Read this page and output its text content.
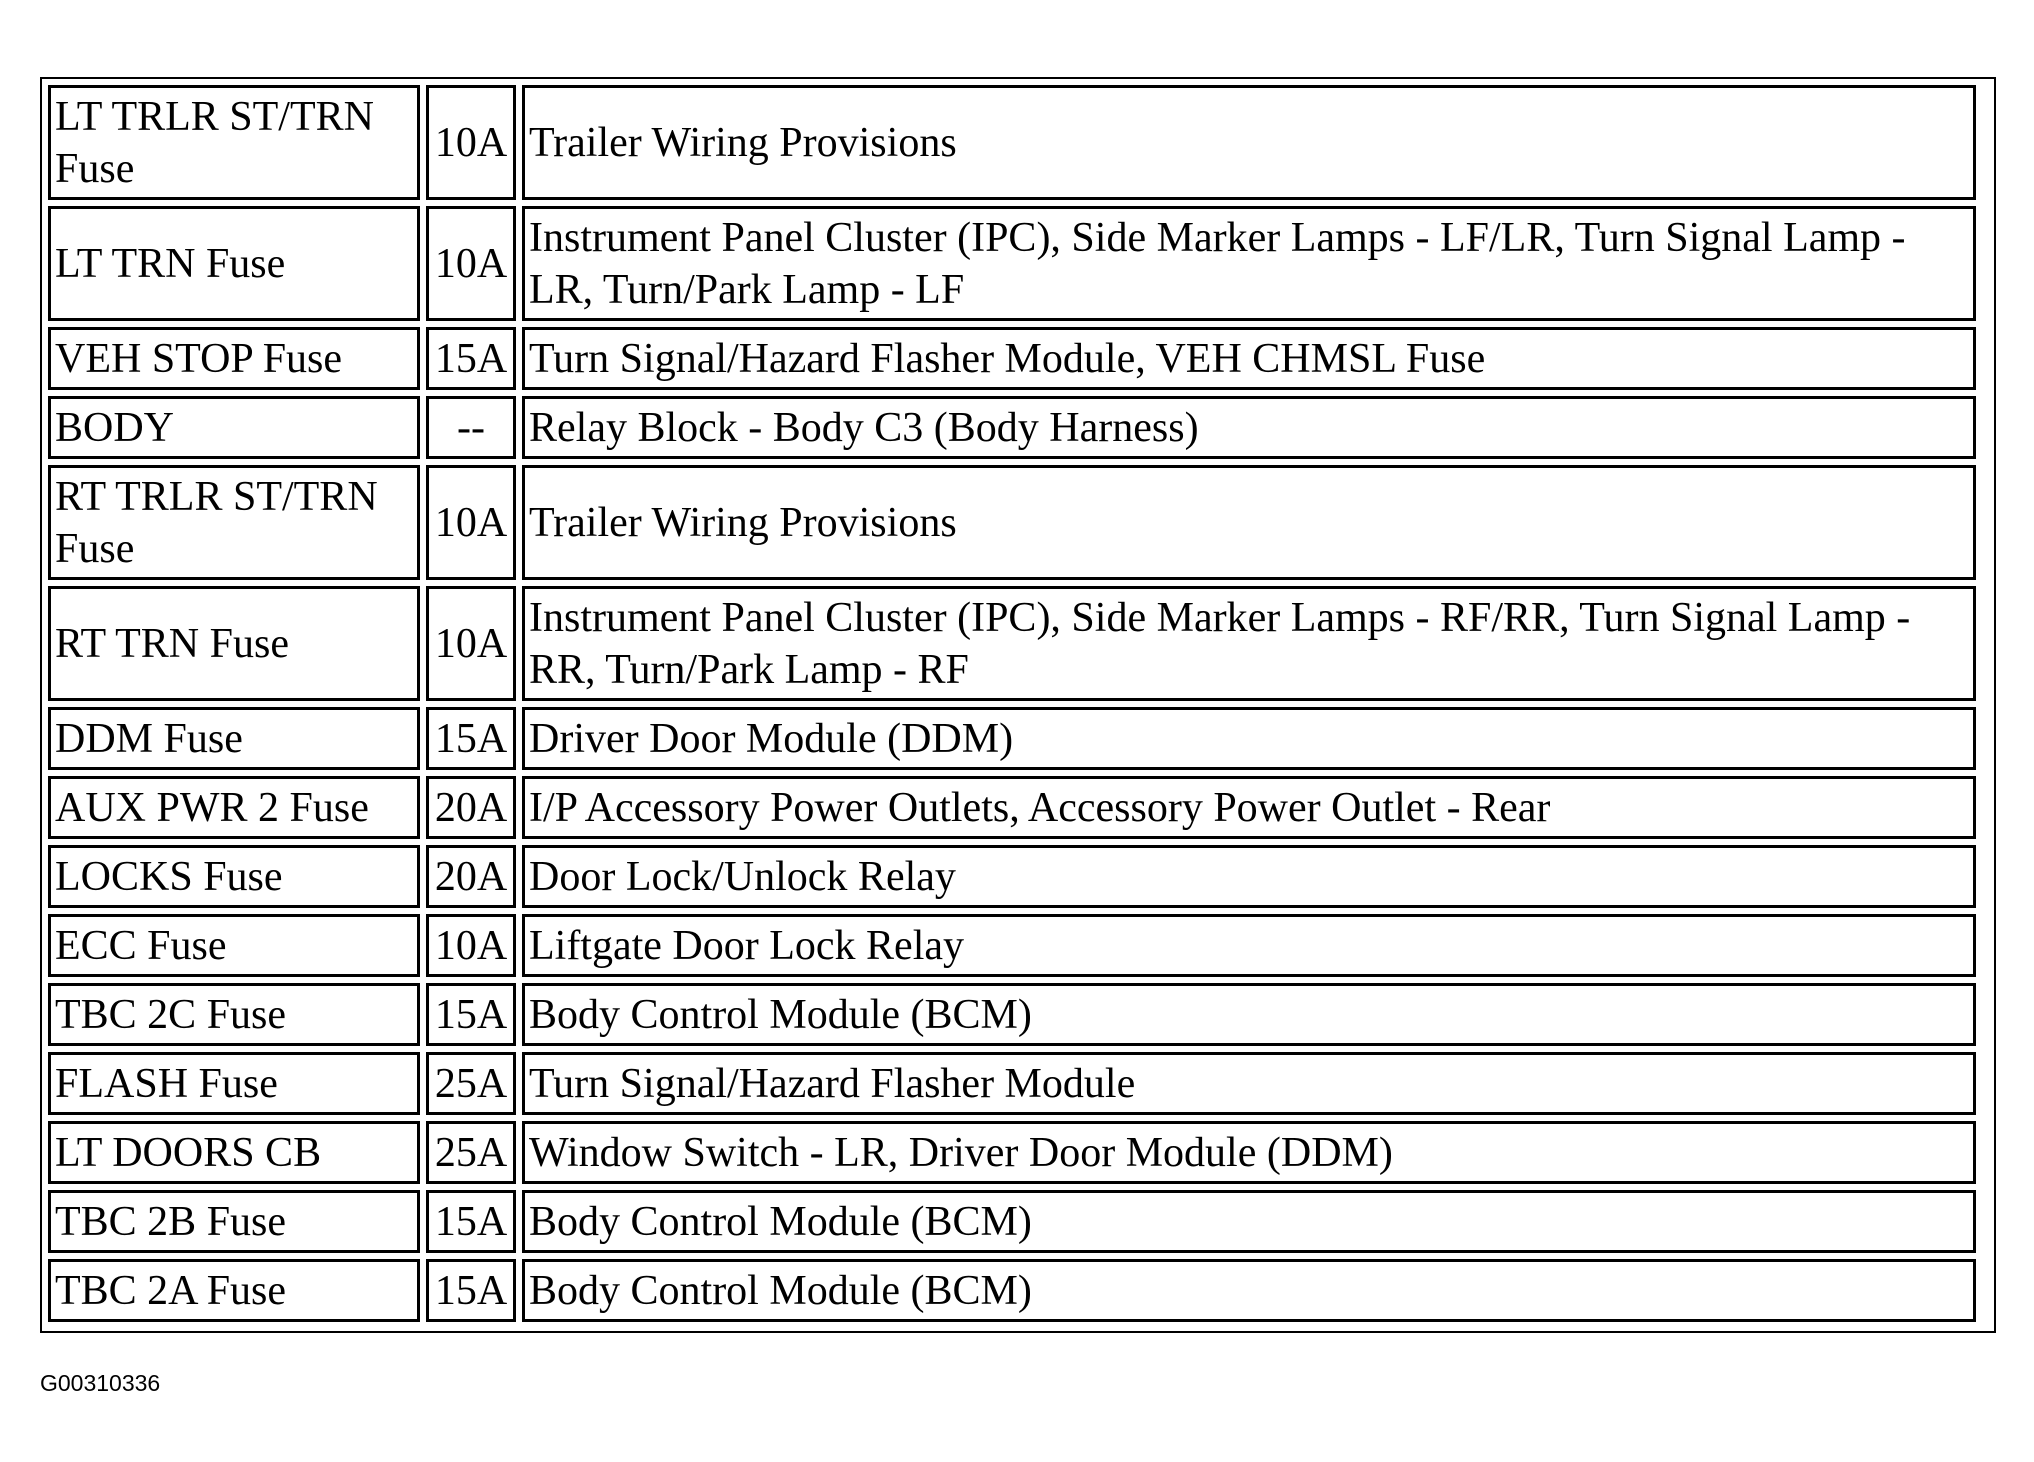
LT TRLR ST/TRN Fuse	10A	Trailer Wiring Provisions
LT TRN Fuse	10A	Instrument Panel Cluster (IPC), Side Marker Lamps - LF/LR, Turn Signal Lamp - LR, Turn/Park Lamp - LF
VEH STOP Fuse	15A	Turn Signal/Hazard Flasher Module, VEH CHMSL Fuse
BODY	--	Relay Block - Body C3 (Body Harness)
RT TRLR ST/TRN Fuse	10A	Trailer Wiring Provisions
RT TRN Fuse	10A	Instrument Panel Cluster (IPC), Side Marker Lamps - RF/RR, Turn Signal Lamp - RR, Turn/Park Lamp - RF
DDM Fuse	15A	Driver Door Module (DDM)
AUX PWR 2 Fuse	20A	I/P Accessory Power Outlets, Accessory Power Outlet - Rear
LOCKS Fuse	20A	Door Lock/Unlock Relay
ECC Fuse	10A	Liftgate Door Lock Relay
TBC 2C Fuse	15A	Body Control Module (BCM)
FLASH Fuse	25A	Turn Signal/Hazard Flasher Module
LT DOORS CB	25A	Window Switch - LR, Driver Door Module (DDM)
TBC 2B Fuse	15A	Body Control Module (BCM)
TBC 2A Fuse	15A	Body Control Module (BCM)
G00310336
